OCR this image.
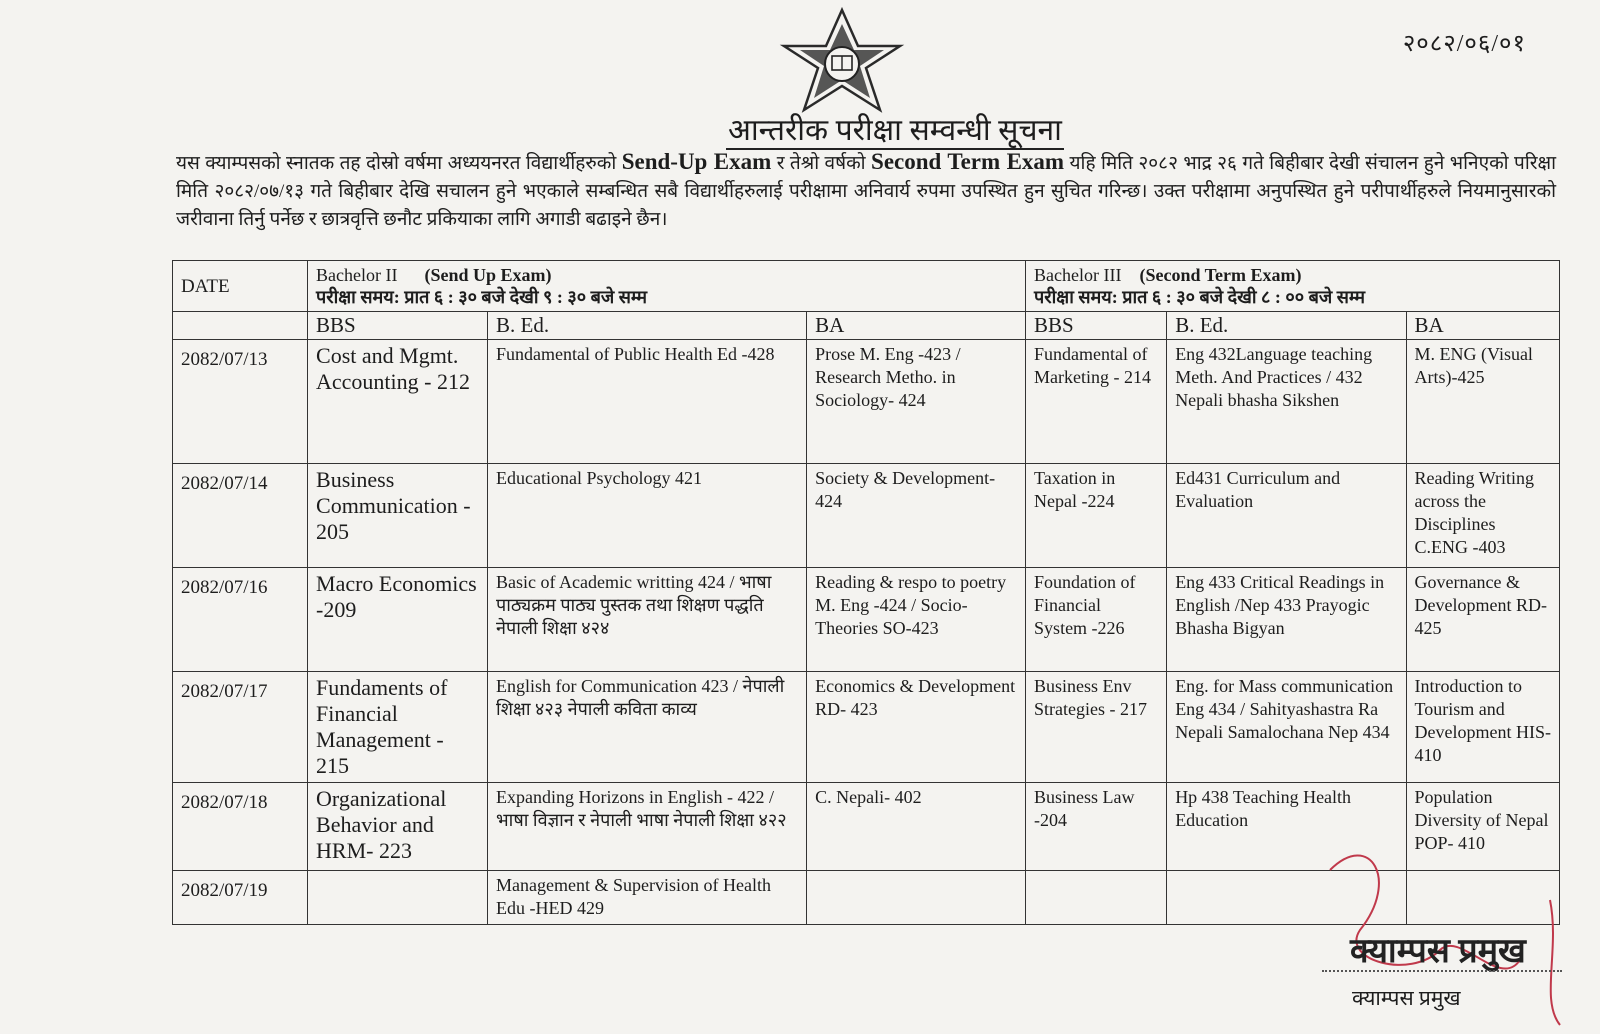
२०८२/०६/०१
आन्तरीक परीक्षा सम्वन्धी सूचना
यस क्याम्पसको स्नातक तह दोस्रो वर्षमा अध्ययनरत विद्यार्थीहरुको Send-Up Exam र तेश्रो वर्षको Second Term Exam यहि मिति २०८२ भाद्र २६ गते बिहीबार देखी संचालन हुने भनिएको परिक्षा मिति २०८२/०७/१३ गते बिहीबार देखि सचालन हुने भएकाले सम्बन्धित सबै विद्यार्थीहरुलाई परीक्षामा अनिवार्य रुपमा उपस्थित हुन सुचित गरिन्छ। उक्त परीक्षामा अनुपस्थित हुने परीपार्थीहरुले नियमानुसारको जरीवाना तिर्नु पर्नेछ र छात्रवृत्ति छनौट प्रकियाका लागि अगाडी बढाइने छैन।
DATE	Bachelor II (Send Up Exam)
परीक्षा समय: प्रात ६ : ३० बजे देखी ९ : ३० बजे सम्म			Bachelor III (Second Term Exam)
परीक्षा समय: प्रात ६ : ३० बजे देखी ८ : ०० बजे सम्म		
	BBS	B. Ed.	BA	BBS	B. Ed.	BA
2082/07/13	Cost and Mgmt. Accounting - 212	Fundamental of Public Health Ed -428	Prose M. Eng -423 / Research Metho. in Sociology- 424	Fundamental of Marketing - 214	Eng 432Language teaching Meth. And Practices / 432 Nepali bhasha Sikshen	M. ENG (Visual Arts)-425
2082/07/14	Business Communication - 205	Educational Psychology 421	Society & Development- 424	Taxation in Nepal -224	Ed431 Curriculum and Evaluation	Reading Writing across the Disciplines C.ENG -403
2082/07/16	Macro Economics -209	Basic of Academic writting 424 / भाषा पाठ्यक्रम पाठ्य पुस्तक तथा शिक्षण पद्धति नेपाली शिक्षा ४२४	Reading & respo to poetry M. Eng -424 / Socio-Theories SO-423	Foundation of Financial System -226	Eng 433 Critical Readings in English /Nep 433 Prayogic Bhasha Bigyan	Governance & Development RD- 425
2082/07/17	Fundaments of Financial Management - 215	English for Communication 423 / नेपाली शिक्षा ४२३ नेपाली कविता काव्य	Economics & Development RD- 423	Business Env Strategies - 217	Eng. for Mass communication Eng 434 / Sahityashastra Ra Nepali Samalochana Nep 434	Introduction to Tourism and Development HIS- 410
2082/07/18	Organizational Behavior and HRM- 223	Expanding Horizons in English - 422 / भाषा विज्ञान र नेपाली भाषा नेपाली शिक्षा ४२२	C. Nepali- 402	Business Law -204	Hp 438 Teaching Health Education	Population Diversity of Nepal POP- 410
2082/07/19		Management & Supervision of Health Edu -HED 429				
क्याम्पस प्रमुख
क्याम्पस प्रमुख
